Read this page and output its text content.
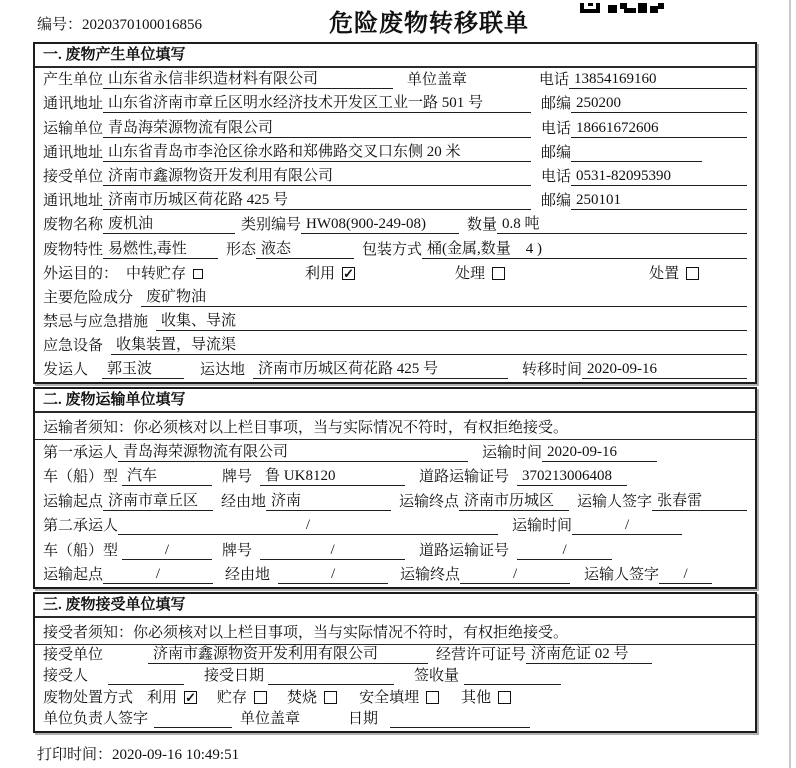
编号：2020370100016856	危险废物转移联单
一. 废物产生单位填写
产生单位 山东省永信非织造材料有限公司	单位盖章	电话 13854169160
通讯地址 山东省济南市章丘区明水经济技术开发区工业一路 501 号	邮编 250200
运输单位 青岛海荣源物流有限公司	电话 18661672606
通讯地址 山东省青岛市李沧区徐水路和郑佛路交叉口东侧 20 米	邮编
接受单位 济南市鑫源物资开发利用有限公司	电话 0531-82095390
通讯地址 济南市历城区荷花路 425 号	邮编 250101
废物名称 废机油	类别编号 HW08(900-249-08)	数量 0.8 吨
废物特性 易燃性,毒性	形态 液态	包装方式 桶(金属,数量　4 )
外运目的： 中转贮存	利用 ✓	处理	处置
主要危险成分 废矿物油
禁忌与应急措施 收集、导流
应急设备 收集装置，导流渠
发运人	郭玉波	运达地 济南市历城区荷花路 425 号	转移时间 2020-09-16
二. 废物运输单位填写
运输者须知：你必须核对以上栏目事项，当与实际情况不符时，有权拒绝接受。
第一承运人 青岛海荣源物流有限公司	运输时间 2020-09-16
车（船）型 汽车	牌号 鲁 UK8120	道路运输证号 370213006408
运输起点 济南市章丘区	经由地 济南	运输终点 济南市历城区	运输人签字 张春雷
第二承运人	/	运输时间	/
车（船）型	/	牌号	/	道路运输证号	/
运输起点	/	经由地	/	运输终点	/	运输人签字	/
三. 废物接受单位填写
接受者须知：你必须核对以上栏目事项，当与实际情况不符时，有权拒绝接受。
接受单位	济南市鑫源物资开发利用有限公司	经营许可证号 济南危证 02 号
接受人	接受日期	签收量
废物处置方式 利用 ✓ 贮存	焚烧	安全填埋	其他
单位负责人签字	单位盖章	日期
打印时间：2020-09-16 10:49:51
